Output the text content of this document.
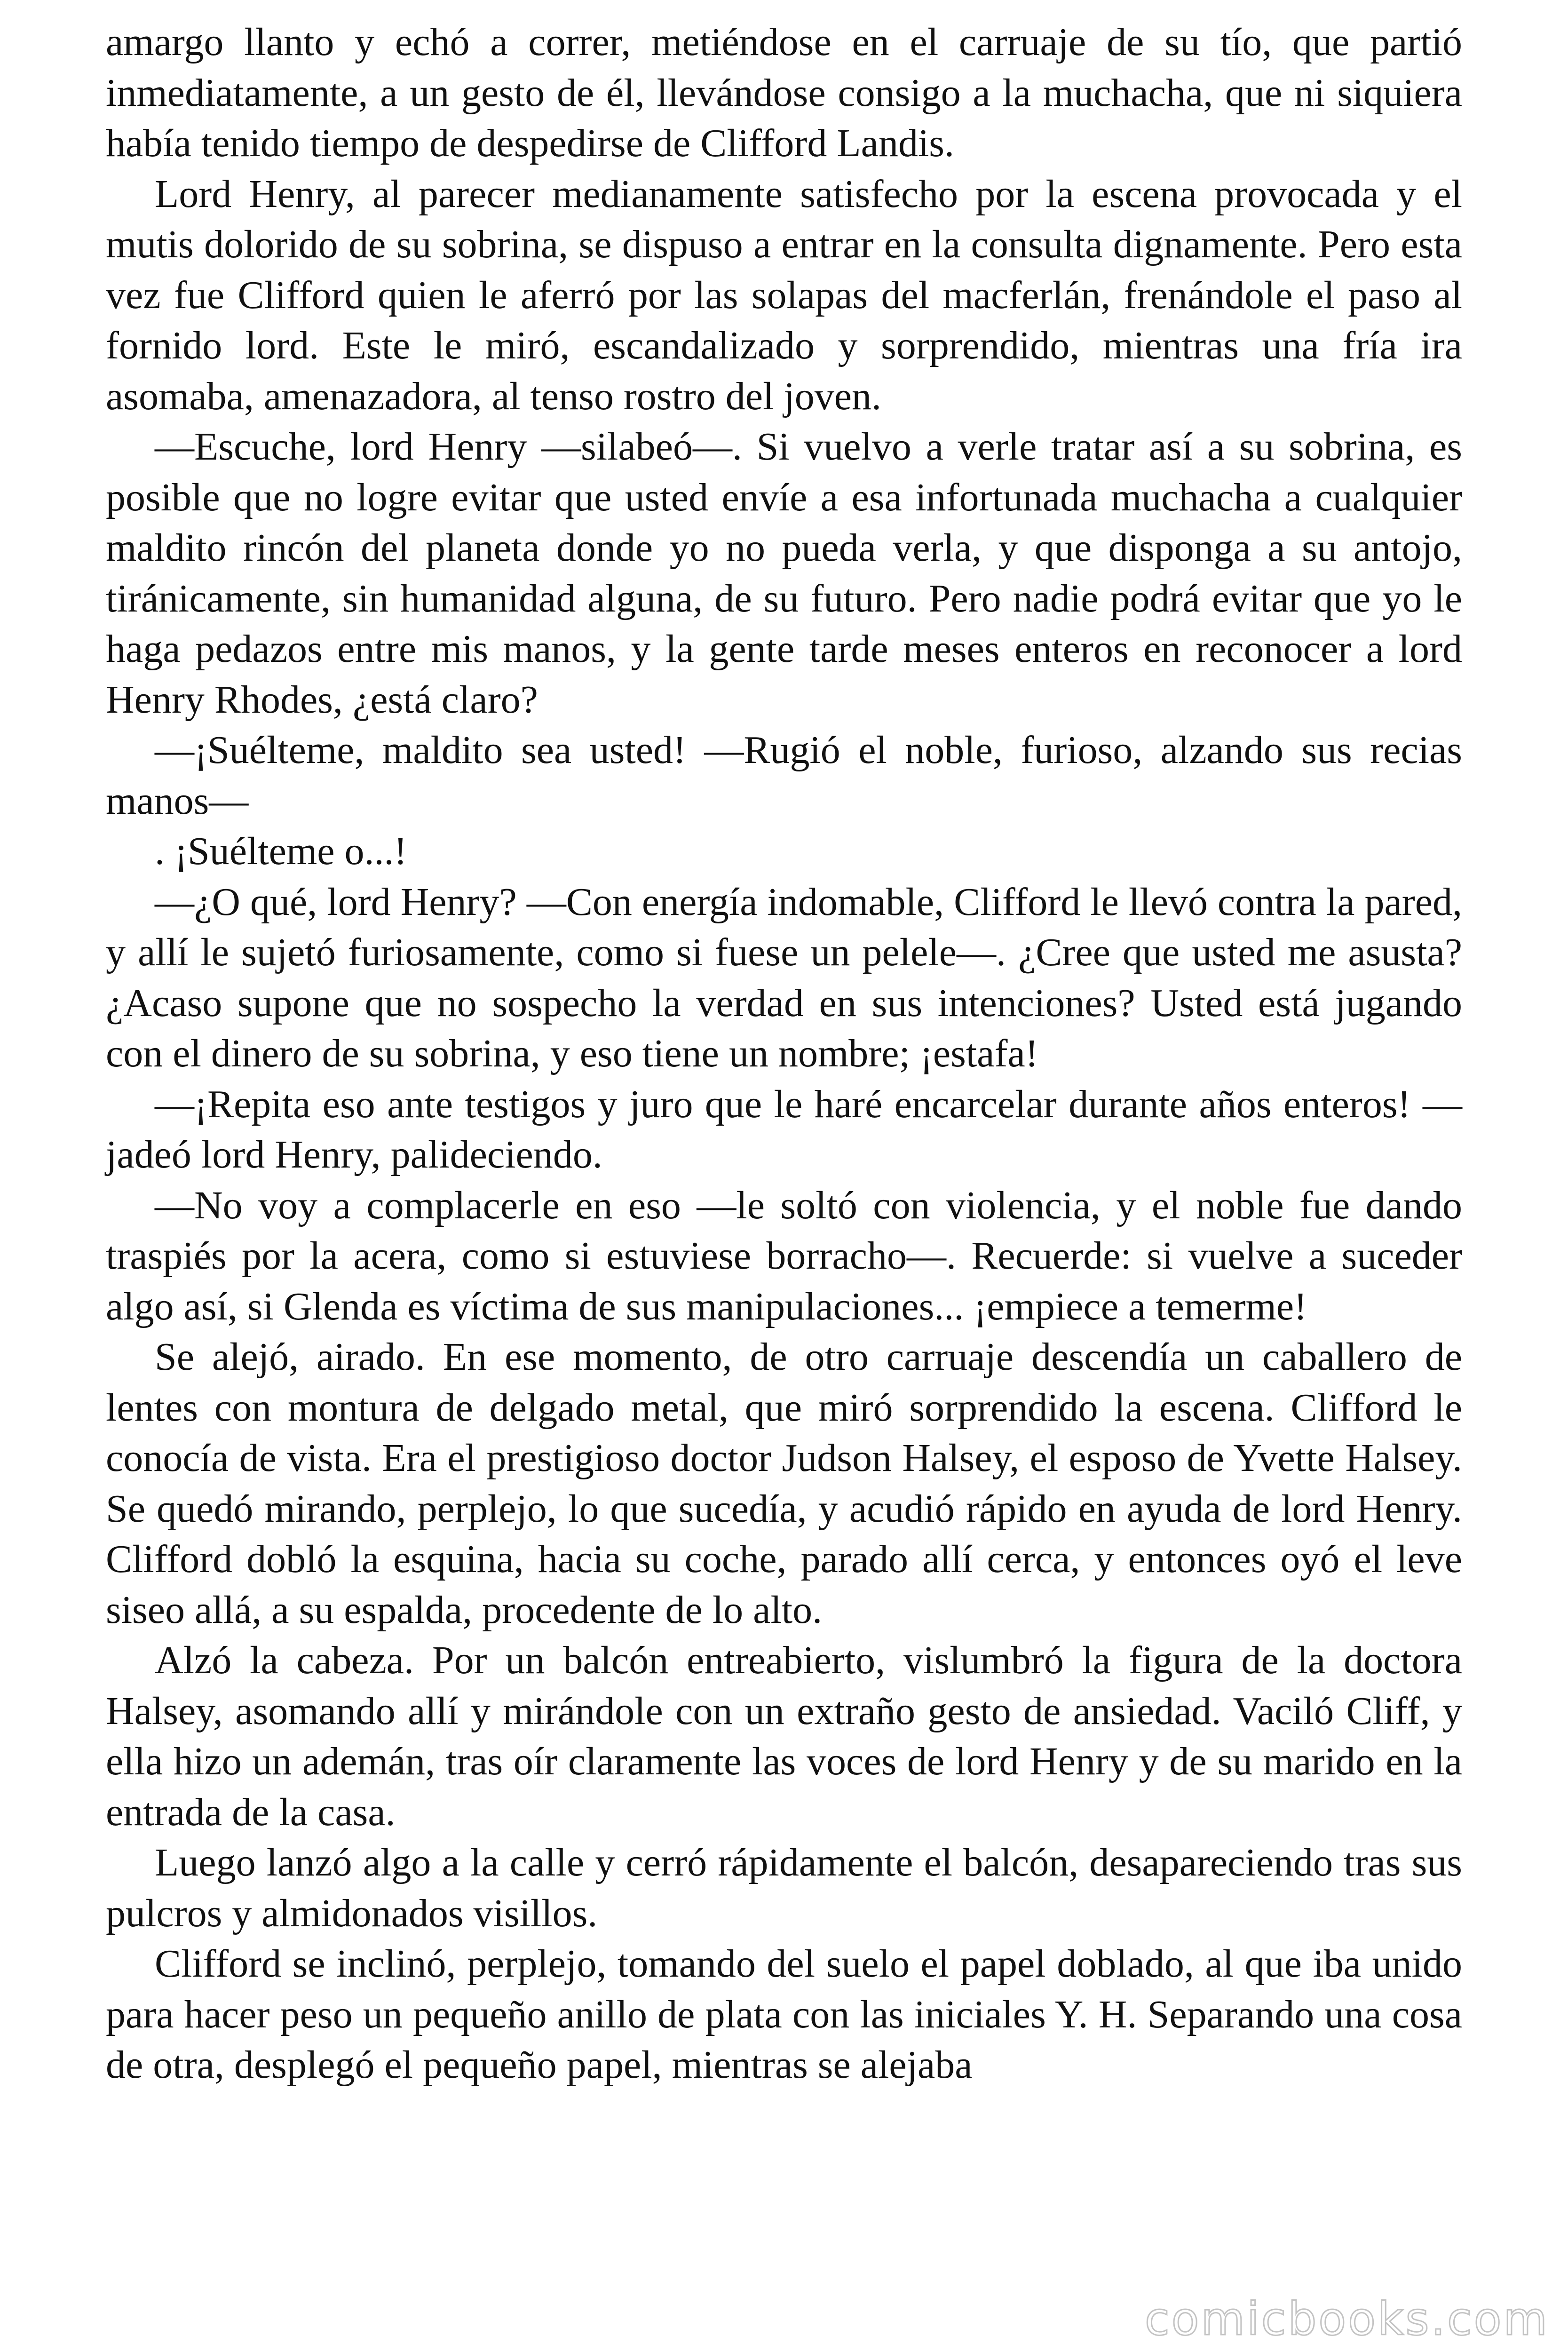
amargo llanto y echó a correr, metiéndose en el carruaje de su tío, que partió inmediatamente, a un gesto de él, llevándose consigo a la muchacha, que ni siquiera había tenido tiempo de despedirse de Clifford Landis.

Lord Henry, al parecer medianamente satisfecho por la escena provocada y el mutis dolorido de su sobrina, se dispuso a entrar en la consulta dignamente. Pero esta vez fue Clifford quien le aferró por las solapas del macferlán, frenándole el paso al fornido lord. Este le miró, escandalizado y sorprendido, mientras una fría ira asomaba, amenazadora, al tenso rostro del joven.

—Escuche, lord Henry —silabeó—. Si vuelvo a verle tratar así a su sobrina, es posible que no logre evitar que usted envíe a esa infortunada muchacha a cualquier maldito rincón del planeta donde yo no pueda verla, y que disponga a su antojo, tiránicamente, sin humanidad alguna, de su futuro. Pero nadie podrá evitar que yo le haga pedazos entre mis manos, y la gente tarde meses enteros en reconocer a lord Henry Rhodes, ¿está claro?

—¡Suélteme, maldito sea usted! —Rugió el noble, furioso, alzando sus recias manos—

. ¡Suélteme o...!

—¿O qué, lord Henry? —Con energía indomable, Clifford le llevó contra la pared, y allí le sujetó furiosamente, como si fuese un pelele—. ¿Cree que usted me asusta? ¿Acaso supone que no sospecho la verdad en sus intenciones? Usted está jugando con el dinero de su sobrina, y eso tiene un nombre; ¡estafa!

—¡Repita eso ante testigos y juro que le haré encarcelar durante años enteros! —jadeó lord Henry, palideciendo.

—No voy a complacerle en eso —le soltó con violencia, y el noble fue dando traspiés por la acera, como si estuviese borracho—. Recuerde: si vuelve a suceder algo así, si Glenda es víctima de sus manipulaciones... ¡empiece a temerme!

Se alejó, airado. En ese momento, de otro carruaje descendía un caballero de lentes con montura de delgado metal, que miró sorprendido la escena. Clifford le conocía de vista. Era el prestigioso doctor Judson Halsey, el esposo de Yvette Halsey. Se quedó mirando, perplejo, lo que sucedía, y acudió rápido en ayuda de lord Henry. Clifford dobló la esquina, hacia su coche, parado allí cerca, y entonces oyó el leve siseo allá, a su espalda, procedente de lo alto.

Alzó la cabeza. Por un balcón entreabierto, vislumbró la figura de la doctora Halsey, asomando allí y mirándole con un extraño gesto de ansiedad. Vaciló Cliff, y ella hizo un ademán, tras oír claramente las voces de lord Henry y de su marido en la entrada de la casa.

Luego lanzó algo a la calle y cerró rápidamente el balcón, desapareciendo tras sus pulcros y almidonados visillos.

Clifford se inclinó, perplejo, tomando del suelo el papel doblado, al que iba unido para hacer peso un pequeño anillo de plata con las iniciales Y. H. Separando una cosa de otra, desplegó el pequeño papel, mientras se alejaba

comicbooks.com
